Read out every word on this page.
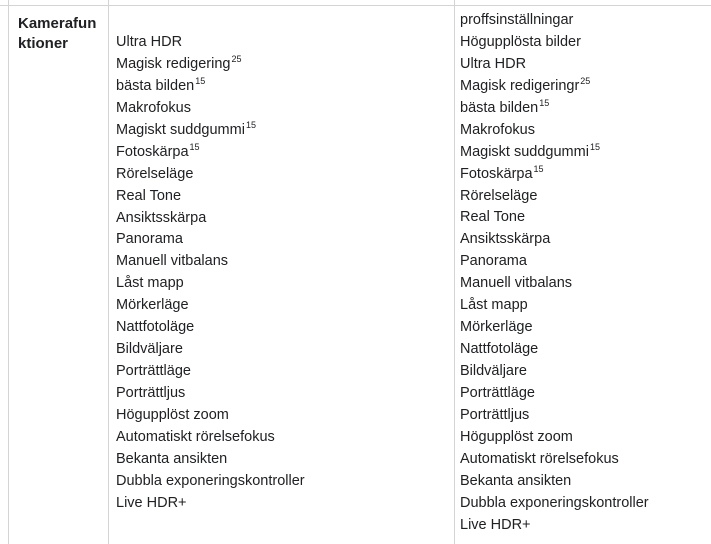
Kamerafun
ktioner	Ultra HDR
Magisk redigering$^{25}$
bästa bilden$^{15}$
Makrofokus
Magiskt suddgummi$^{15}$
Fotoskärpa$^{15}$
Rörelseläge
Real Tone
Ansiktsskärpa
Panorama
Manuell vitbalans
Låst mapp
Mörkerläge
Nattfotoläge
Bildväljare
Porträttläge
Porträttljus
Högupplöst zoom
Automatiskt rörelsefokus
Bekanta ansikten
Dubbla exponeringskontroller
Live HDR+
proffsinställningar
Högupplösta bilder
Ultra HDR
Magisk redigeringr$^{25}$
bästa bilden$^{15}$
Makrofokus
Magiskt suddgummi$^{15}$
Fotoskärpa$^{15}$
Rörelseläge
Real Tone
Ansiktsskärpa
Panorama
Manuell vitbalans
Låst mapp
Mörkerläge
Nattfotoläge
Bildväljare
Porträttläge
Porträttljus
Högupplöst zoom
Automatiskt rörelsefokus
Bekanta ansikten
Dubbla exponeringskontroller
Live HDR+
